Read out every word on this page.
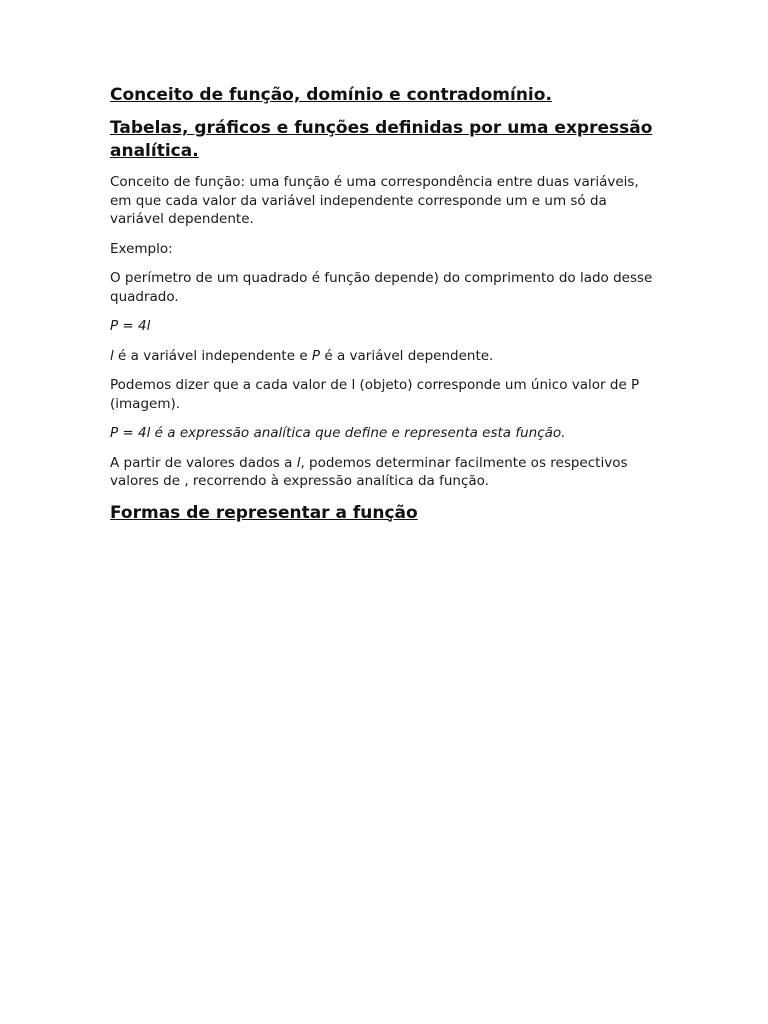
Conceito de função, domínio e contradomínio.
Tabelas, gráficos e funções definidas por uma expressão analítica.
Conceito de função: uma função é uma correspondência entre duas variáveis, em que cada valor da variável independente corresponde um e um só da variável dependente.
Exemplo:
O perímetro de um quadrado é função depende) do comprimento do lado desse quadrado.
P = 4l
l é a variável independente e P é a variável dependente.
Podemos dizer que a cada valor de l (objeto) corresponde um único valor de P (imagem).
P = 4l é a expressão analítica que define e representa esta função.
A partir de valores dados a l, podemos determinar facilmente os respectivos valores de , recorrendo à expressão analítica da função.
Formas de representar a função
